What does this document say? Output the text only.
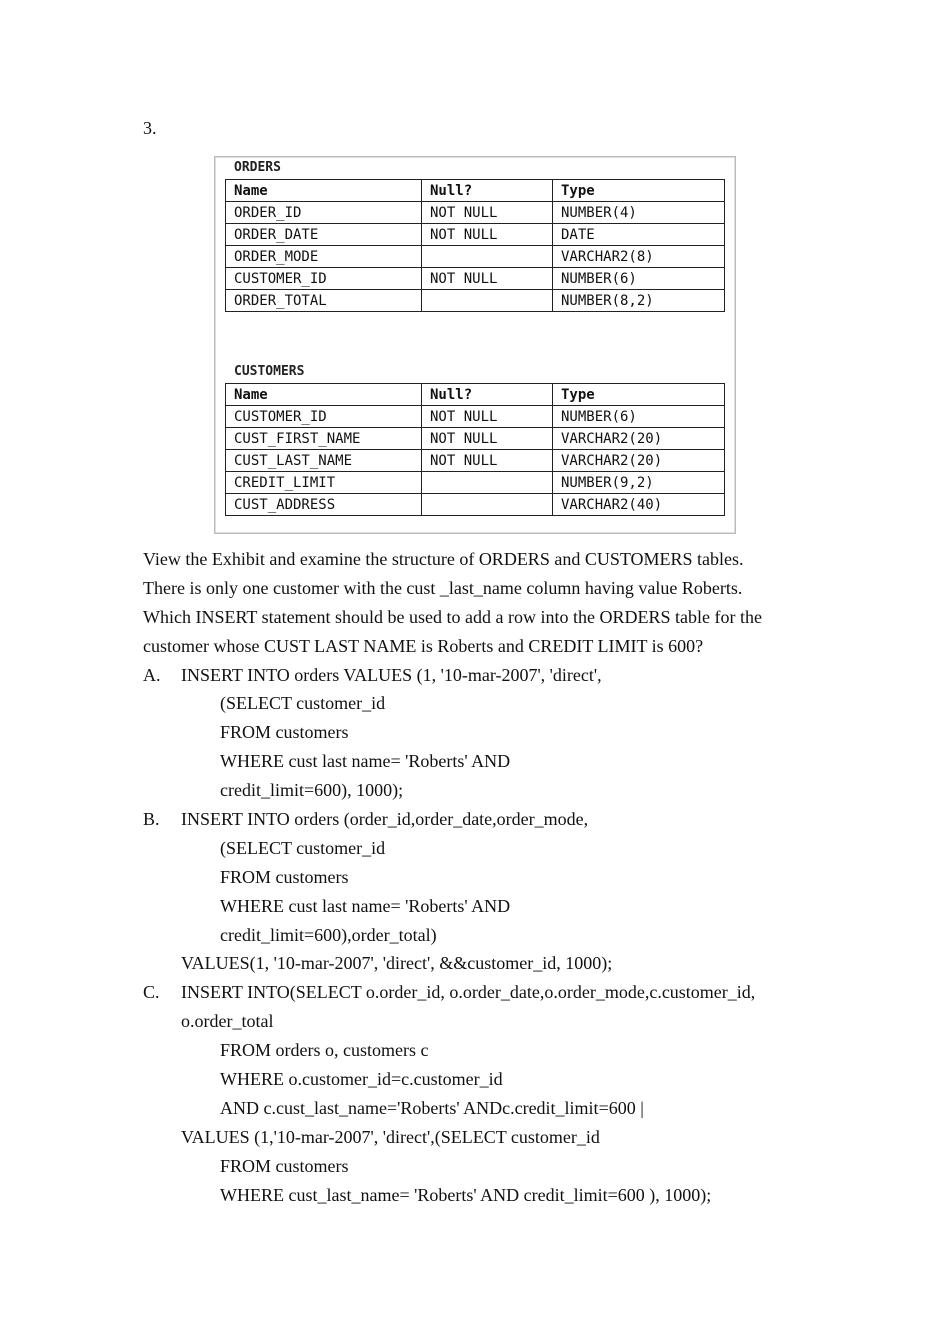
3.
ORDERS
Name	Null?	Type
ORDER_ID	NOT NULL	NUMBER(4)
ORDER_DATE	NOT NULL	DATE
ORDER_MODE		VARCHAR2(8)
CUSTOMER_ID	NOT NULL	NUMBER(6)
ORDER_TOTAL		NUMBER(8,2)
CUSTOMERS
Name	Null?	Type
CUSTOMER_ID	NOT NULL	NUMBER(6)
CUST_FIRST_NAME	NOT NULL	VARCHAR2(20)
CUST_LAST_NAME	NOT NULL	VARCHAR2(20)
CREDIT_LIMIT		NUMBER(9,2)
CUST_ADDRESS		VARCHAR2(40)
View the Exhibit and examine the structure of ORDERS and CUSTOMERS tables.
There is only one customer with the cust _last_name column having value Roberts.
Which INSERT statement should be used to add a row into the ORDERS table for the
customer whose CUST LAST NAME is Roberts and CREDIT LIMIT is 600?
A. INSERT INTO orders VALUES (1, '10-mar-2007', 'direct',
(SELECT customer_id
FROM customers
WHERE cust last name= 'Roberts' AND
credit_limit=600), 1000);
B. INSERT INTO orders (order_id,order_date,order_mode,
(SELECT customer_id
FROM customers
WHERE cust last name= 'Roberts' AND
credit_limit=600),order_total)
VALUES(1, '10-mar-2007', 'direct', &&customer_id, 1000);
C. INSERT INTO(SELECT o.order_id, o.order_date,o.order_mode,c.customer_id,
o.order_total
FROM orders o, customers c
WHERE o.customer_id=c.customer_id
AND c.cust_last_name='Roberts' ANDc.credit_limit=600 |
VALUES (1,'10-mar-2007', 'direct',(SELECT customer_id
FROM customers
WHERE cust_last_name= 'Roberts' AND credit_limit=600 ), 1000);
